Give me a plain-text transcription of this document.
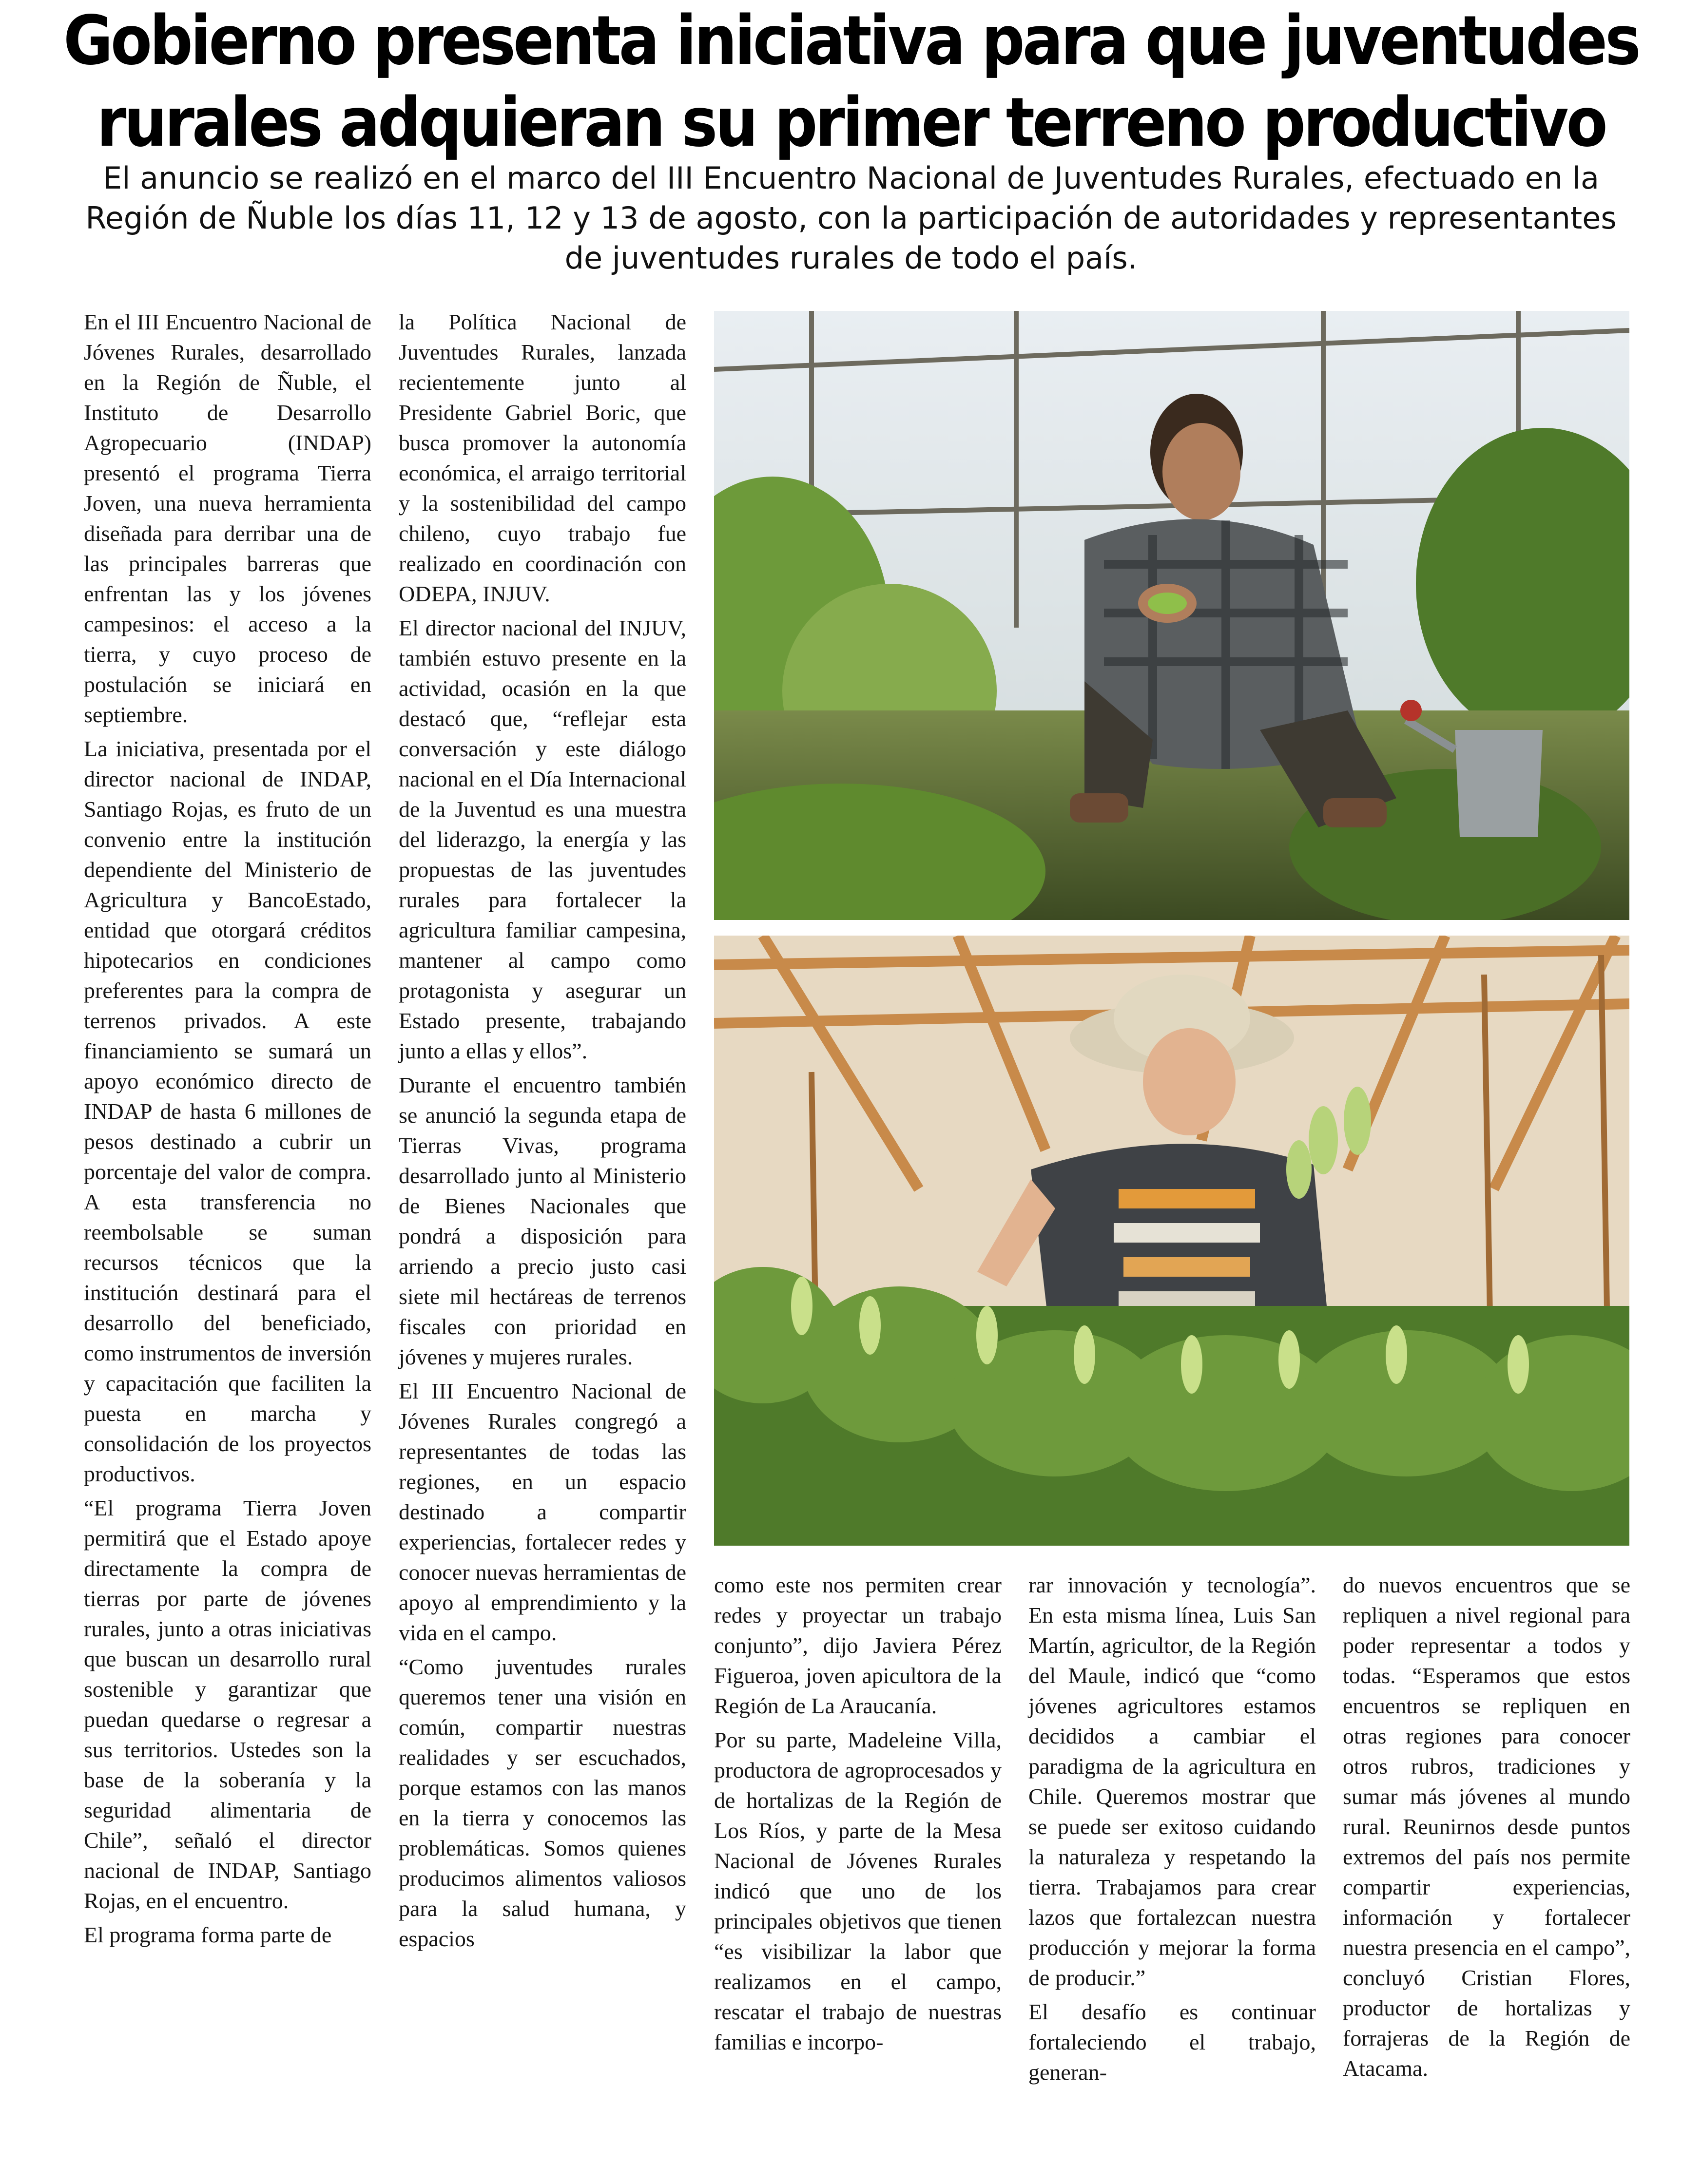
Gobierno presenta iniciativa para que juventudes rurales adquieran su primer terreno productivo

El anuncio se realizó en el marco del III Encuentro Nacional de Juventudes Rurales, efectuado en la Región de Ñuble los días 11, 12 y 13 de agosto, con la participación de autoridades y representantes de juventudes rurales de todo el país.

En el III Encuentro Nacional de Jóvenes Rurales, desarrollado en la Región de Ñuble, el Instituto de Desarrollo Agropecuario (INDAP) presentó el programa Tierra Joven, una nueva herramienta diseñada para derribar una de las principales barreras que enfrentan las y los jóvenes campesinos: el acceso a la tierra, y cuyo proceso de postulación se iniciará en septiembre.

La iniciativa, presentada por el director nacional de INDAP, Santiago Rojas, es fruto de un convenio entre la institución dependiente del Ministerio de Agricultura y BancoEstado, entidad que otorgará créditos hipotecarios en condiciones preferentes para la compra de terrenos privados. A este financiamiento se sumará un apoyo económico directo de INDAP de hasta 6 millones de pesos destinado a cubrir un porcentaje del valor de compra. A esta transferencia no reembolsable se suman recursos técnicos que la institución destinará para el desarrollo del beneficiado, como instrumentos de inversión y capacitación que faciliten la puesta en marcha y consolidación de los proyectos productivos.

“El programa Tierra Joven permitirá que el Estado apoye directamente la compra de tierras por parte de jóvenes rurales, junto a otras iniciativas que buscan un desarrollo rural sostenible y garantizar que puedan quedarse o regresar a sus territorios. Ustedes son la base de la soberanía y la seguridad alimentaria de Chile”, señaló el director nacional de INDAP, Santiago Rojas, en el encuentro.

El programa forma parte de

la Política Nacional de Juventudes Rurales, lanzada recientemente junto al Presidente Gabriel Boric, que busca promover la autonomía económica, el arraigo territorial y la sostenibilidad del campo chileno, cuyo trabajo fue realizado en coordinación con ODEPA, INJUV.

El director nacional del INJUV, también estuvo presente en la actividad, ocasión en la que destacó que, “reflejar esta conversación y este diálogo nacional en el Día Internacional de la Juventud es una muestra del liderazgo, la energía y las propuestas de las juventudes rurales para fortalecer la agricultura familiar campesina, mantener al campo como protagonista y asegurar un Estado presente, trabajando junto a ellas y ellos”.

Durante el encuentro también se anunció la segunda etapa de Tierras Vivas, programa desarrollado junto al Ministerio de Bienes Nacionales que pondrá a disposición para arriendo a precio justo casi siete mil hectáreas de terrenos fiscales con prioridad en jóvenes y mujeres rurales.

El III Encuentro Nacional de Jóvenes Rurales congregó a representantes de todas las regiones, en un espacio destinado a compartir experiencias, fortalecer redes y conocer nuevas herramientas de apoyo al emprendimiento y la vida en el campo.

“Como juventudes rurales queremos tener una visión en común, compartir nuestras realidades y ser escuchados, porque estamos con las manos en la tierra y conocemos las problemáticas. Somos quienes producimos alimentos valiosos para la salud humana, y espacios

como este nos permiten crear redes y proyectar un trabajo conjunto”, dijo Javiera Pérez Figueroa, joven apicultora de la Región de La Araucanía.

Por su parte, Madeleine Villa, productora de agroprocesados y de hortalizas de la Región de Los Ríos, y parte de la Mesa Nacional de Jóvenes Rurales indicó que uno de los principales objetivos que tienen “es visibilizar la labor que realizamos en el campo, rescatar el trabajo de nuestras familias e incorpo-

rar innovación y tecnología”. En esta misma línea, Luis San Martín, agricultor, de la Región del Maule, indicó que “como jóvenes agricultores estamos decididos a cambiar el paradigma de la agricultura en Chile. Queremos mostrar que se puede ser exitoso cuidando la naturaleza y respetando la tierra. Trabajamos para crear lazos que fortalezcan nuestra producción y mejorar la forma de producir.”

El desafío es continuar fortaleciendo el trabajo, generan-

do nuevos encuentros que se repliquen a nivel regional para poder representar a todos y todas. “Esperamos que estos encuentros se repliquen en otras regiones para conocer otros rubros, tradiciones y sumar más jóvenes al mundo rural. Reunirnos desde puntos extremos del país nos permite compartir experiencias, información y fortalecer nuestra presencia en el campo”, concluyó Cristian Flores, productor de hortalizas y forrajeras de la Región de Atacama.
